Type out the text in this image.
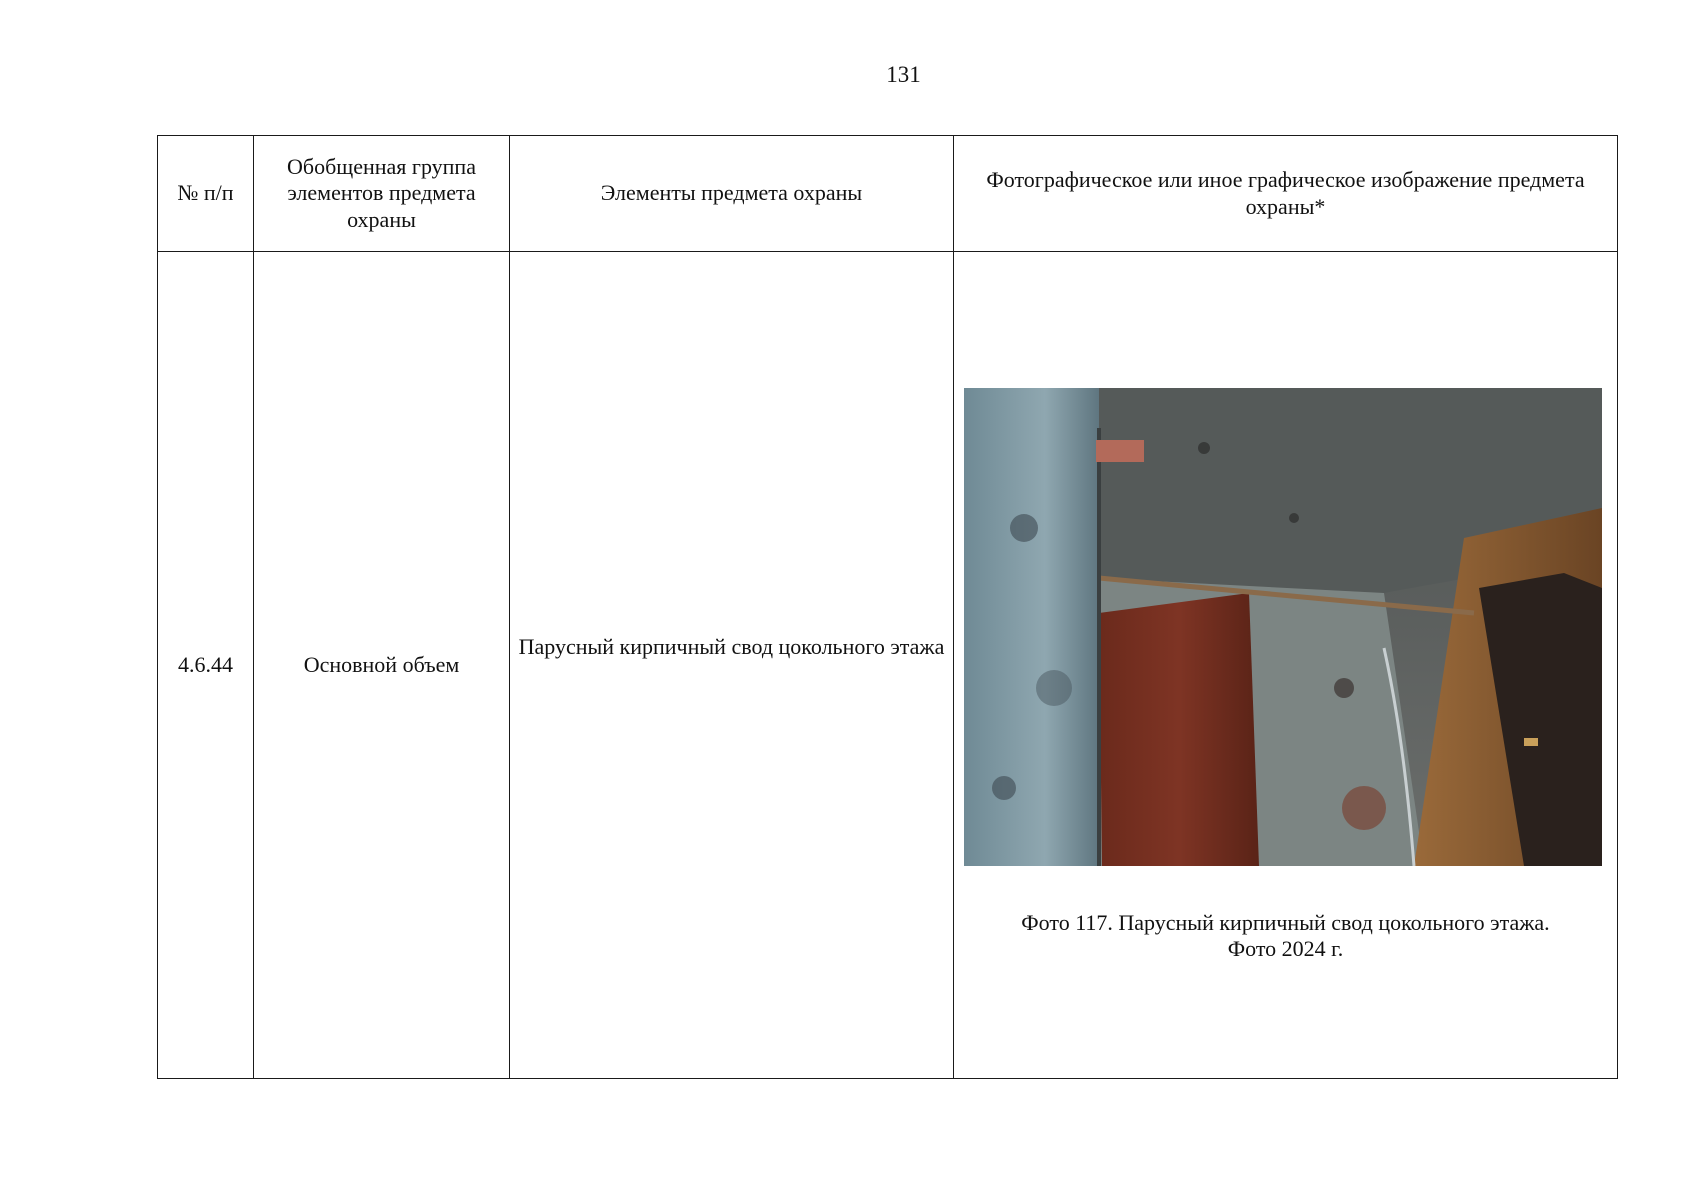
131
№ п/п	Обобщенная группа элементов предмета охраны	Элементы предмета охраны	Фотографическое или иное графическое изображение предмета охраны*
4.6.44	Основной объем	Парусный кирпичный свод цокольного этажа	Фото 117. Парусный кирпичный свод цокольного этажа.
Фото 2024 г.
